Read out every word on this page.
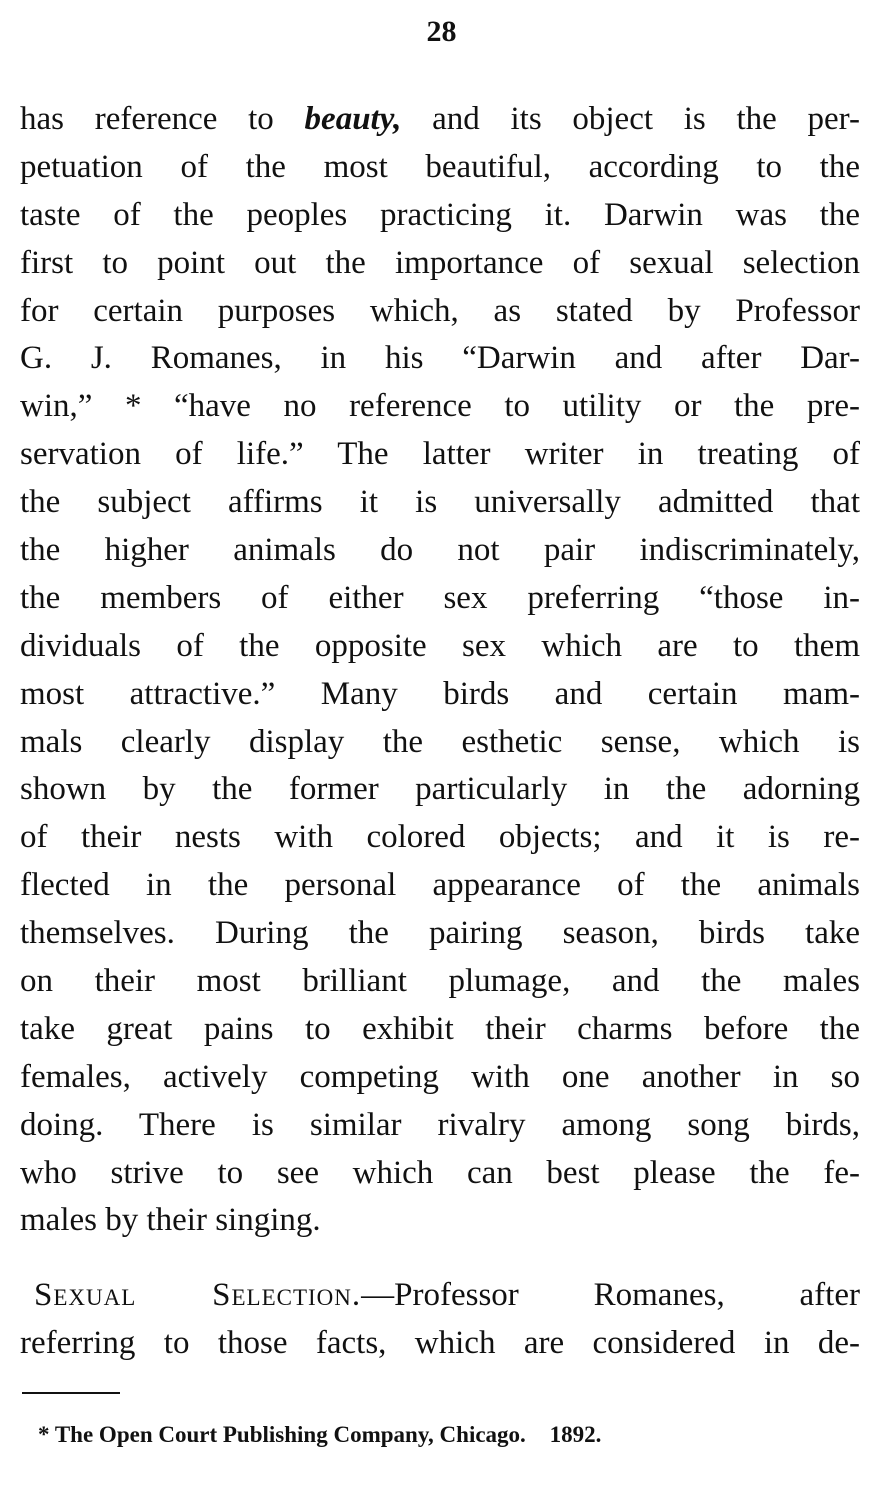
28
has reference to beauty, and its object is the per-
petuation of the most beautiful, according to the
taste of the peoples practicing it. Darwin was the
first to point out the importance of sexual selection
for certain purposes which, as stated by Professor
G. J. Romanes, in his “Darwin and after Dar-
win,” * “have no reference to utility or the pre-
servation of life.” The latter writer in treating of
the subject affirms it is universally admitted that
the higher animals do not pair indiscriminately,
the members of either sex preferring “those in-
dividuals of the opposite sex which are to them
most attractive.” Many birds and certain mam-
mals clearly display the esthetic sense, which is
shown by the former particularly in the adorning
of their nests with colored objects; and it is re-
flected in the personal appearance of the animals
themselves. During the pairing season, birds take
on their most brilliant plumage, and the males
take great pains to exhibit their charms before the
females, actively competing with one another in so
doing. There is similar rivalry among song birds,
who strive to see which can best please the fe-
males by their singing.
Sexual Selection.—Professor Romanes, after
referring to those facts, which are considered in de-
* The Open Court Publishing Company, Chicago. 1892.
